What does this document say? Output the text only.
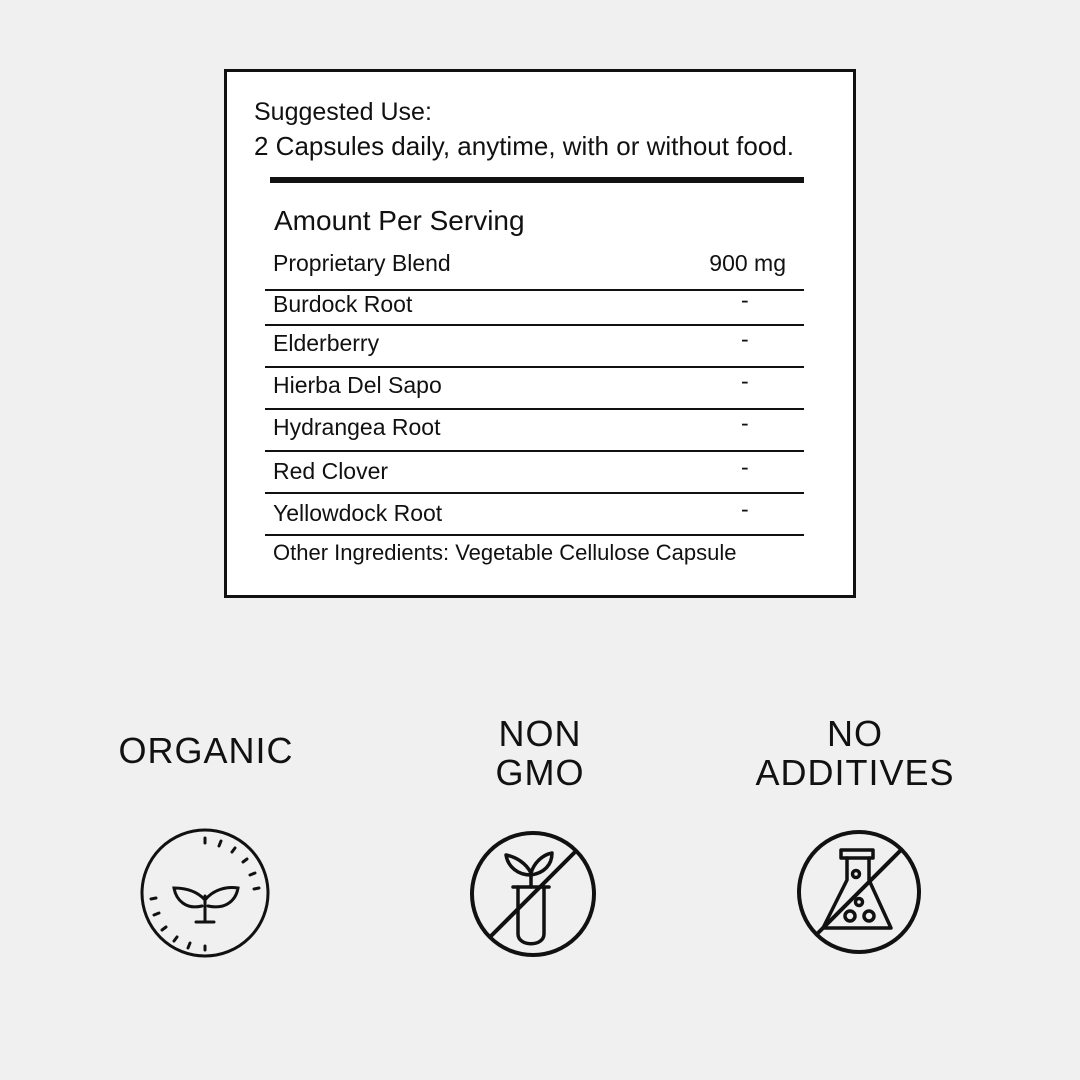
Suggested Use:
2 Capsules daily, anytime, with or without food.
Amount Per Serving
Proprietary Blend	900 mg
Burdock Root	-
Elderberry	-
Hierba Del Sapo	-
Hydrangea Root	-
Red Clover	-
Yellowdock Root	-
Other Ingredients: Vegetable Cellulose Capsule
ORGANIC	NON
GMO
NO
ADDITIVES
